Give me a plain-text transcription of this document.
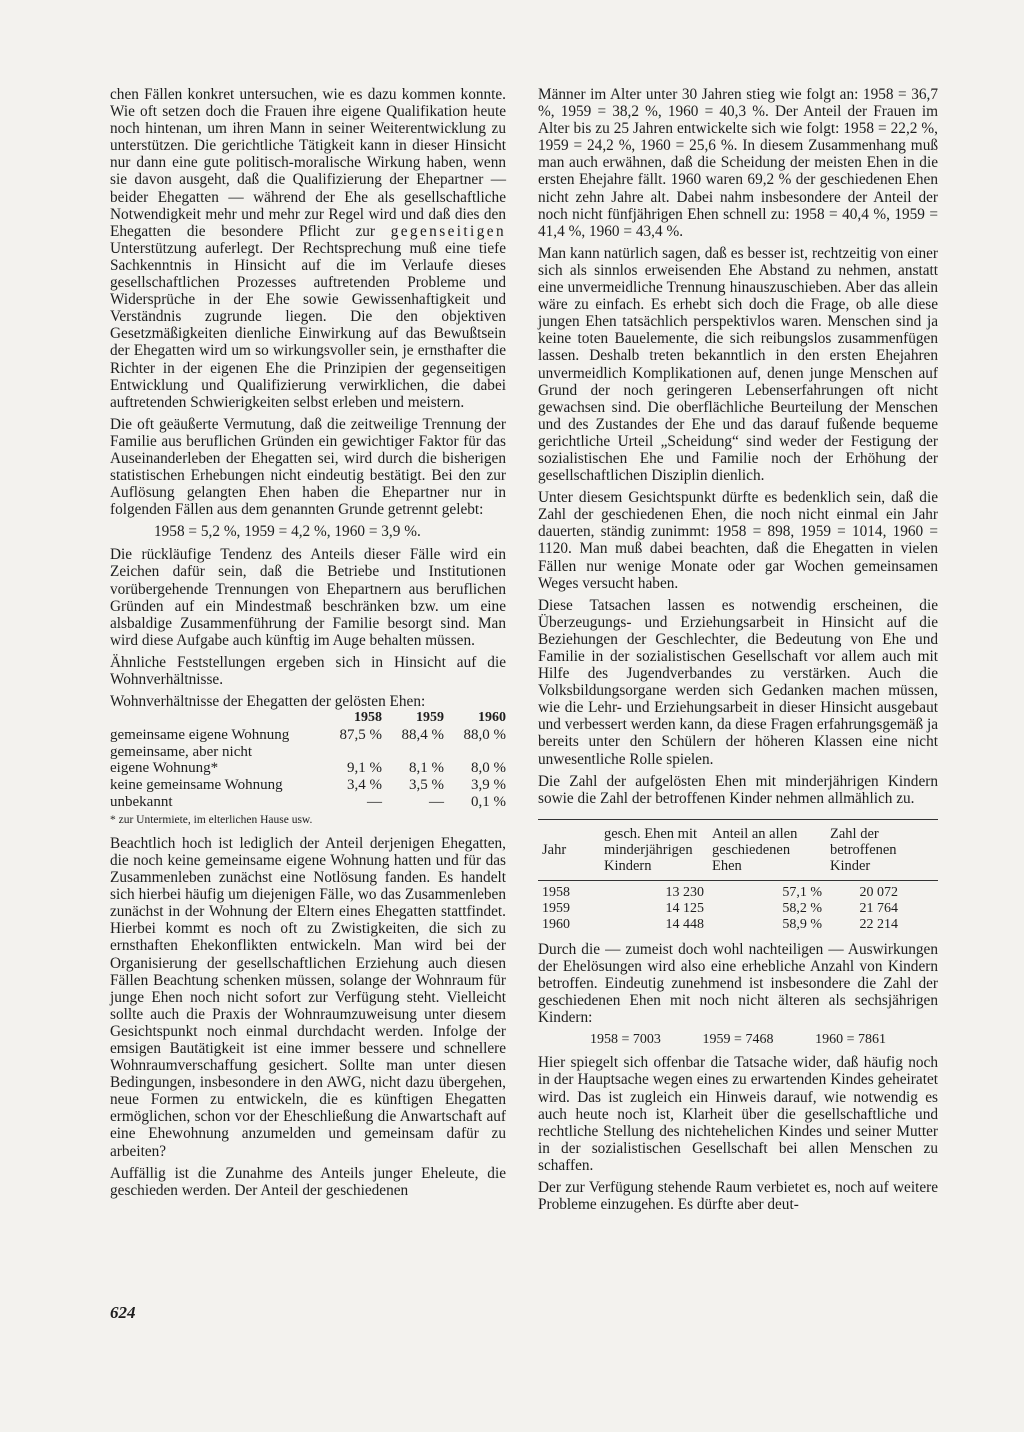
chen Fällen konkret untersuchen, wie es dazu kommen konnte. Wie oft setzen doch die Frauen ihre eigene Qualifikation heute noch hintenan, um ihren Mann in seiner Weiterentwicklung zu unterstützen. Die gerichtliche Tätigkeit kann in dieser Hinsicht nur dann eine gute politisch-moralische Wirkung haben, wenn sie davon ausgeht, daß die Qualifizierung der Ehepartner — beider Ehegatten — während der Ehe als gesellschaftliche Notwendigkeit mehr und mehr zur Regel wird und daß dies den Ehegatten die besondere Pflicht zur gegenseitigen Unterstützung auferlegt. Der Rechtsprechung muß eine tiefe Sachkenntnis in Hinsicht auf die im Verlaufe dieses gesellschaftlichen Prozesses auftretenden Probleme und Widersprüche in der Ehe sowie Gewissenhaftigkeit und Verständnis zugrunde liegen. Die den objektiven Gesetzmäßigkeiten dienliche Einwirkung auf das Bewußtsein der Ehegatten wird um so wirkungsvoller sein, je ernsthafter die Richter in der eigenen Ehe die Prinzipien der gegenseitigen Entwicklung und Qualifizierung verwirklichen, die dabei auftretenden Schwierigkeiten selbst erleben und meistern.

Die oft geäußerte Vermutung, daß die zeitweilige Trennung der Familie aus beruflichen Gründen ein gewichtiger Faktor für das Auseinanderleben der Ehegatten sei, wird durch die bisherigen statistischen Erhebungen nicht eindeutig bestätigt. Bei den zur Auflösung gelangten Ehen haben die Ehepartner nur in folgenden Fällen aus dem genannten Grunde getrennt gelebt:

1958 = 5,2 %, 1959 = 4,2 %, 1960 = 3,9 %.

Die rückläufige Tendenz des Anteils dieser Fälle wird ein Zeichen dafür sein, daß die Betriebe und Institutionen vorübergehende Trennungen von Ehepartnern aus beruflichen Gründen auf ein Mindestmaß beschränken bzw. um eine alsbaldige Zusammenführung der Familie besorgt sind. Man wird diese Aufgabe auch künftig im Auge behalten müssen.

Ähnliche Feststellungen ergeben sich in Hinsicht auf die Wohnverhältnisse.

Wohnverhältnisse der Ehegatten der gelösten Ehen:

	1958	1959	1960
gemeinsame eigene Wohnung	87,5 %	88,4 %	88,0 %
gemeinsame, aber nicht			
eigene Wohnung*	9,1 %	8,1 %	8,0 %
keine gemeinsame Wohnung	3,4 %	3,5 %	3,9 %
unbekannt	—	—	0,1 %

* zur Untermiete, im elterlichen Hause usw.

Beachtlich hoch ist lediglich der Anteil derjenigen Ehegatten, die noch keine gemeinsame eigene Wohnung hatten und für das Zusammenleben zunächst eine Notlösung fanden. Es handelt sich hierbei häufig um diejenigen Fälle, wo das Zusammenleben zunächst in der Wohnung der Eltern eines Ehegatten stattfindet. Hierbei kommt es noch oft zu Zwistigkeiten, die sich zu ernsthaften Ehekonflikten entwickeln. Man wird bei der Organisierung der gesellschaftlichen Erziehung auch diesen Fällen Beachtung schenken müssen, solange der Wohnraum für junge Ehen noch nicht sofort zur Verfügung steht. Vielleicht sollte auch die Praxis der Wohnraumzuweisung unter diesem Gesichtspunkt noch einmal durchdacht werden. Infolge der emsigen Bautätigkeit ist eine immer bessere und schnellere Wohnraumverschaffung gesichert. Sollte man unter diesen Bedingungen, insbesondere in den AWG, nicht dazu übergehen, neue Formen zu entwickeln, die es künftigen Ehegatten ermöglichen, schon vor der Eheschließung die Anwartschaft auf eine Ehewohnung anzumelden und gemeinsam dafür zu arbeiten?

Auffällig ist die Zunahme des Anteils junger Eheleute, die geschieden werden. Der Anteil der geschiedenen

Männer im Alter unter 30 Jahren stieg wie folgt an: 1958 = 36,7 %, 1959 = 38,2 %, 1960 = 40,3 %. Der Anteil der Frauen im Alter bis zu 25 Jahren entwickelte sich wie folgt: 1958 = 22,2 %, 1959 = 24,2 %, 1960 = 25,6 %. In diesem Zusammenhang muß man auch erwähnen, daß die Scheidung der meisten Ehen in die ersten Ehejahre fällt. 1960 waren 69,2 % der geschiedenen Ehen nicht zehn Jahre alt. Dabei nahm insbesondere der Anteil der noch nicht fünfjährigen Ehen schnell zu: 1958 = 40,4 %, 1959 = 41,4 %, 1960 = 43,4 %.

Man kann natürlich sagen, daß es besser ist, rechtzeitig von einer sich als sinnlos erweisenden Ehe Abstand zu nehmen, anstatt eine unvermeidliche Trennung hinauszuschieben. Aber das allein wäre zu einfach. Es erhebt sich doch die Frage, ob alle diese jungen Ehen tatsächlich perspektivlos waren. Menschen sind ja keine toten Bauelemente, die sich reibungslos zusammenfügen lassen. Deshalb treten bekanntlich in den ersten Ehejahren unvermeidlich Komplikationen auf, denen junge Menschen auf Grund der noch geringeren Lebenserfahrungen oft nicht gewachsen sind. Die oberflächliche Beurteilung der Menschen und des Zustandes der Ehe und das darauf fußende bequeme gerichtliche Urteil „Scheidung“ sind weder der Festigung der sozialistischen Ehe und Familie noch der Erhöhung der gesellschaftlichen Disziplin dienlich.

Unter diesem Gesichtspunkt dürfte es bedenklich sein, daß die Zahl der geschiedenen Ehen, die noch nicht einmal ein Jahr dauerten, ständig zunimmt: 1958 = 898, 1959 = 1014, 1960 = 1120. Man muß dabei beachten, daß die Ehegatten in vielen Fällen nur wenige Monate oder gar Wochen gemeinsamen Weges versucht haben.

Diese Tatsachen lassen es notwendig erscheinen, die Überzeugungs- und Erziehungsarbeit in Hinsicht auf die Beziehungen der Geschlechter, die Bedeutung von Ehe und Familie in der sozialistischen Gesellschaft vor allem auch mit Hilfe des Jugendverbandes zu verstärken. Auch die Volksbildungsorgane werden sich Gedanken machen müssen, wie die Lehr- und Erziehungsarbeit in dieser Hinsicht ausgebaut und verbessert werden kann, da diese Fragen erfahrungsgemäß ja bereits unter den Schülern der höheren Klassen eine nicht unwesentliche Rolle spielen.

Die Zahl der aufgelösten Ehen mit minderjährigen Kindern sowie die Zahl der betroffenen Kinder nehmen allmählich zu.

Jahr	gesch. Ehen mit minderjährigen Kindern	Anteil an allen geschiedenen Ehen	Zahl der betroffenen Kinder
1958	13 230	57,1 %	20 072
1959	14 125	58,2 %	21 764
1960	14 448	58,9 %	22 214

Durch die — zumeist doch wohl nachteiligen — Auswirkungen der Ehelösungen wird also eine erhebliche Anzahl von Kindern betroffen. Eindeutig zunehmend ist insbesondere die Zahl der geschiedenen Ehen mit noch nicht älteren als sechsjährigen Kindern:

1958 = 7003	1959 = 7468	1960 = 7861

Hier spiegelt sich offenbar die Tatsache wider, daß häufig noch in der Hauptsache wegen eines zu erwartenden Kindes geheiratet wird. Das ist zugleich ein Hinweis darauf, wie notwendig es auch heute noch ist, Klarheit über die gesellschaftliche und rechtliche Stellung des nichtehelichen Kindes und seiner Mutter in der sozialistischen Gesellschaft bei allen Menschen zu schaffen.

Der zur Verfügung stehende Raum verbietet es, noch auf weitere Probleme einzugehen. Es dürfte aber deut-

624
